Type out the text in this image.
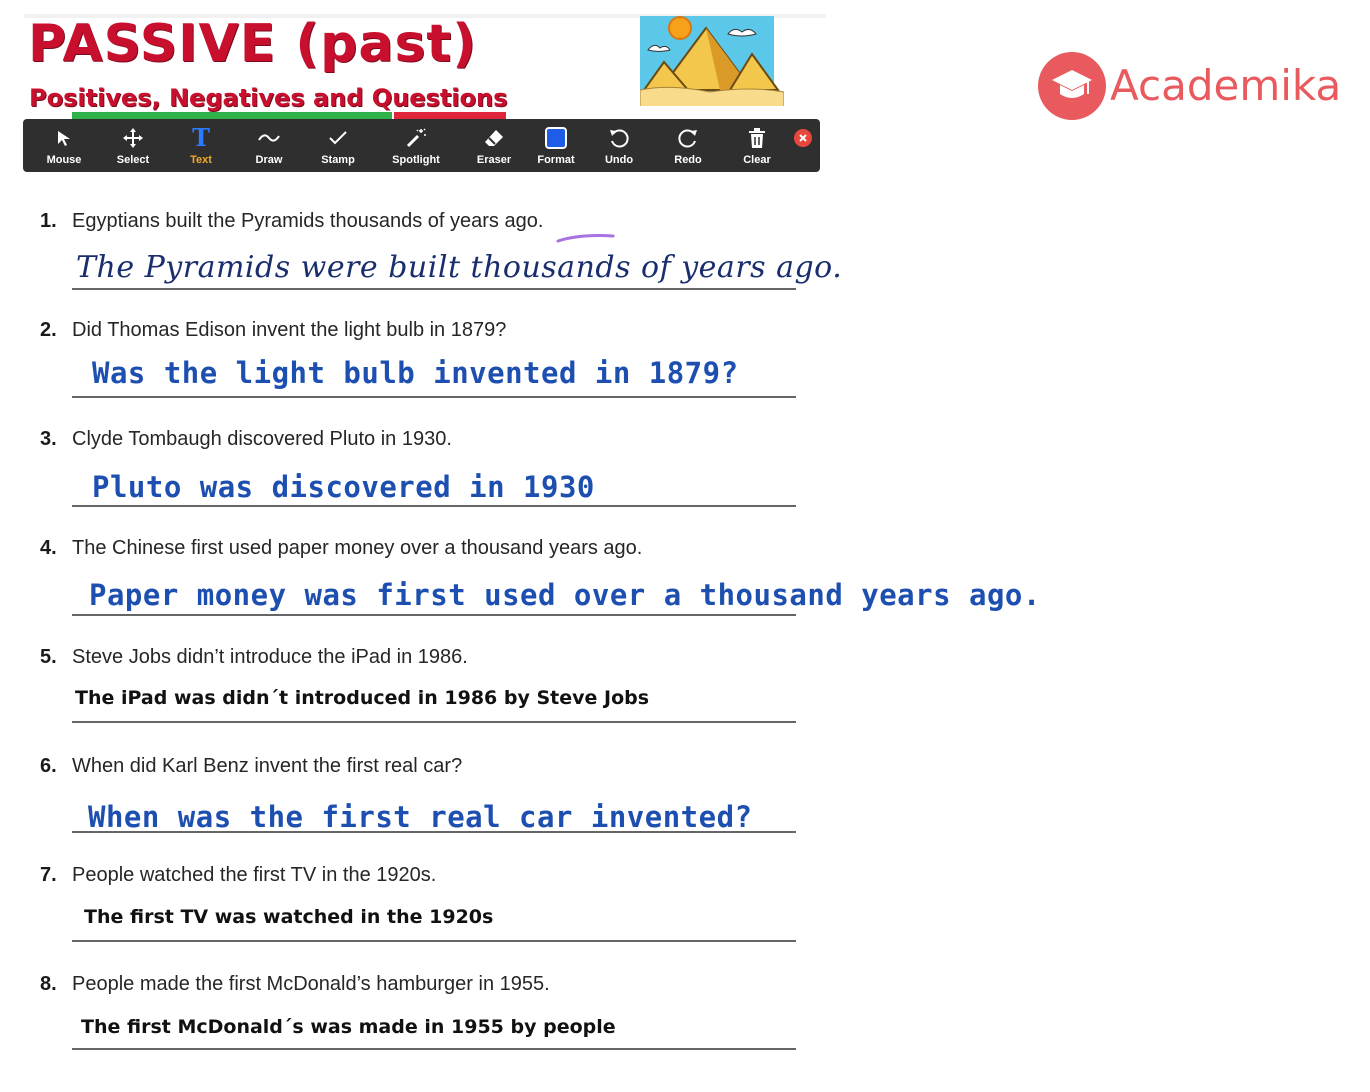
PASSIVE (past)
Positives, Negatives and Questions	Academika
Mouse	Select
T
Text	Draw	Stamp	Spotlight	Eraser	Format	Undo	Redo	Clear
1. Egyptians built the Pyramids thousands of years ago.
The Pyramids were built thousands of years ago.
2. Did Thomas Edison invent the light bulb in 1879?
Was the light bulb invented in 1879?
3. Clyde Tombaugh discovered Pluto in 1930.
Pluto was discovered in 1930
4. The Chinese first used paper money over a thousand years ago.
Paper money was first used over a thousand years ago.
5. Steve Jobs didn’t introduce the iPad in 1986.
The iPad was didn´t introduced in 1986 by Steve Jobs
6. When did Karl Benz invent the first real car?
When was the first real car invented?
7. People watched the first TV in the 1920s.
The first TV was watched in the 1920s
8. People made the first McDonald’s hamburger in 1955.
The first McDonald´s was made in 1955 by people
